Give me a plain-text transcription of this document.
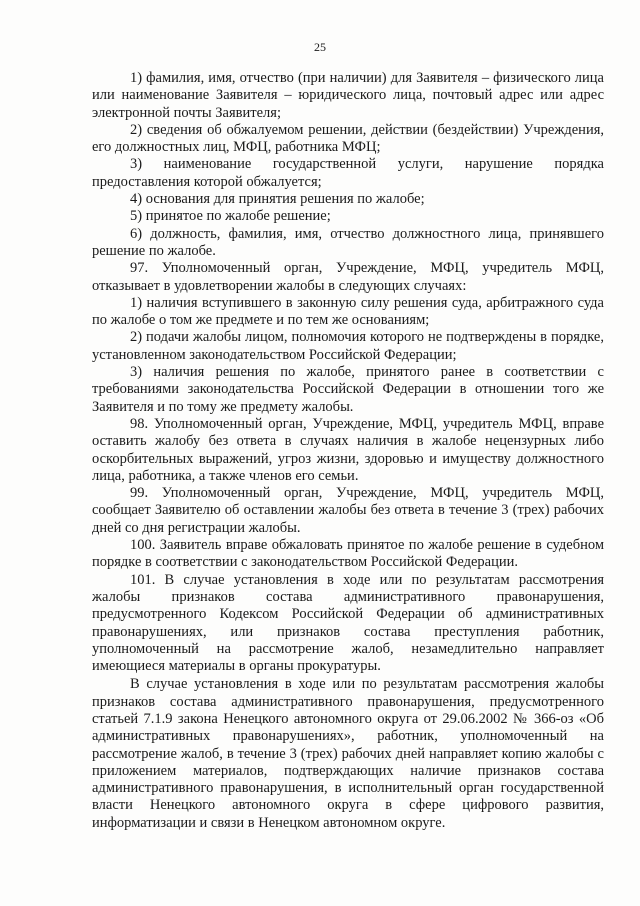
25

1) фамилия, имя, отчество (при наличии) для Заявителя – физического лица или наименование Заявителя – юридического лица, почтовый адрес или адрес электронной почты Заявителя;

2) сведения об обжалуемом решении, действии (бездействии) Учреждения, его должностных лиц, МФЦ, работника МФЦ;

3) наименование государственной услуги, нарушение порядка предоставления которой обжалуется;

4) основания для принятия решения по жалобе;

5) принятое по жалобе решение;

6) должность, фамилия, имя, отчество должностного лица, принявшего решение по жалобе.

97. Уполномоченный орган, Учреждение, МФЦ, учредитель МФЦ, отказывает в удовлетворении жалобы в следующих случаях:

1) наличия вступившего в законную силу решения суда, арбитражного суда по жалобе о том же предмете и по тем же основаниям;

2) подачи жалобы лицом, полномочия которого не подтверждены в порядке, установленном законодательством Российской Федерации;

3) наличия решения по жалобе, принятого ранее в соответствии с требованиями законодательства Российской Федерации в отношении того же Заявителя и по тому же предмету жалобы.

98. Уполномоченный орган, Учреждение, МФЦ, учредитель МФЦ, вправе оставить жалобу без ответа в случаях наличия в жалобе нецензурных либо оскорбительных выражений, угроз жизни, здоровью и имуществу должностного лица, работника, а также членов его семьи.

99. Уполномоченный орган, Учреждение, МФЦ, учредитель МФЦ, сообщает Заявителю об оставлении жалобы без ответа в течение 3 (трех) рабочих дней со дня регистрации жалобы.

100. Заявитель вправе обжаловать принятое по жалобе решение в судебном порядке в соответствии с законодательством Российской Федерации.

101. В случае установления в ходе или по результатам рассмотрения жалобы признаков состава административного правонарушения, предусмотренного Кодексом Российской Федерации об административных правонарушениях, или признаков состава преступления работник, уполномоченный на рассмотрение жалоб, незамедлительно направляет имеющиеся материалы в органы прокуратуры.

В случае установления в ходе или по результатам рассмотрения жалобы признаков состава административного правонарушения, предусмотренного статьей 7.1.9 закона Ненецкого автономного округа от 29.06.2002 № 366-оз «Об административных правонарушениях», работник, уполномоченный на рассмотрение жалоб, в течение 3 (трех) рабочих дней направляет копию жалобы с приложением материалов, подтверждающих наличие признаков состава административного правонарушения, в исполнительный орган государственной власти Ненецкого автономного округа в сфере цифрового развития, информатизации и связи в Ненецком автономном округе.
